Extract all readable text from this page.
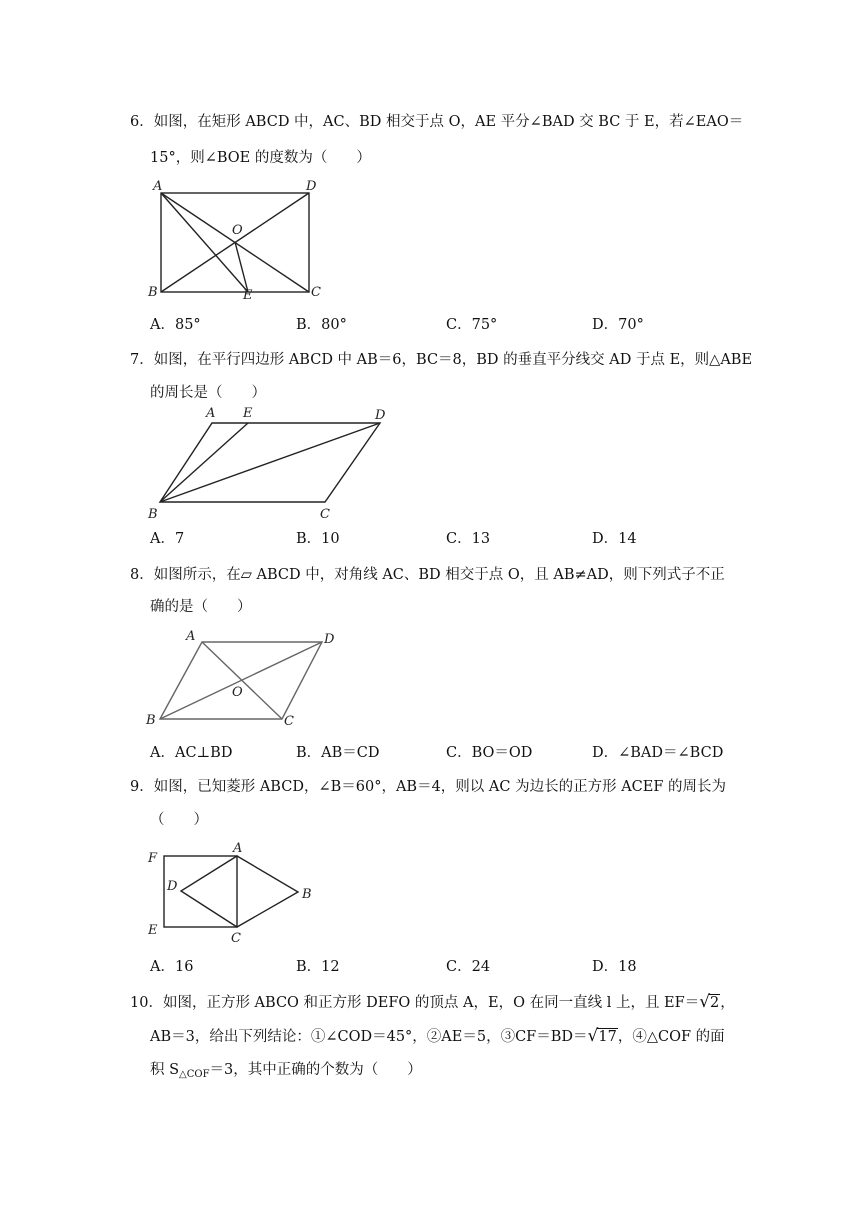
6．如图，在矩形 ABCD 中，AC、BD 相交于点 O，AE 平分∠BAD 交 BC 于 E，若∠EAO＝
15°，则∠BOE 的度数为（　　）
A	D
O
B	E	C
A．85°	B．80°	C．75°	D．70°
7．如图，在平行四边形 ABCD 中 AB＝6，BC＝8，BD 的垂直平分线交 AD 于点 E，则△ABE
的周长是（　　）
A E	D
B	C
A．7	B．10	C．13	D．14
8．如图所示，在▱ ABCD 中，对角线 AC、BD 相交于点 O，且 AB≠AD，则下列式子不正
确的是（　　）
A	D
O
B	C
A．AC⊥BD	B．AB＝CD	C．BO＝OD	D．∠BAD＝∠BCD
9．如图，已知菱形 ABCD，∠B＝60°，AB＝4，则以 AC 为边长的正方形 ACEF 的周长为
（　　）
F
A
D
B
E
C
A．16	B．12	C．24	D．18
10．如图，正方形 ABCO 和正方形 DEFO 的顶点 A，E，O 在同一直线 l 上，且 EF＝√2，
AB＝3，给出下列结论：①∠COD＝45°，②AE＝5，③CF＝BD＝√17，④△COF 的面
积 $S_{\triangle COF}=3$，其中正确的个数为（　　）
